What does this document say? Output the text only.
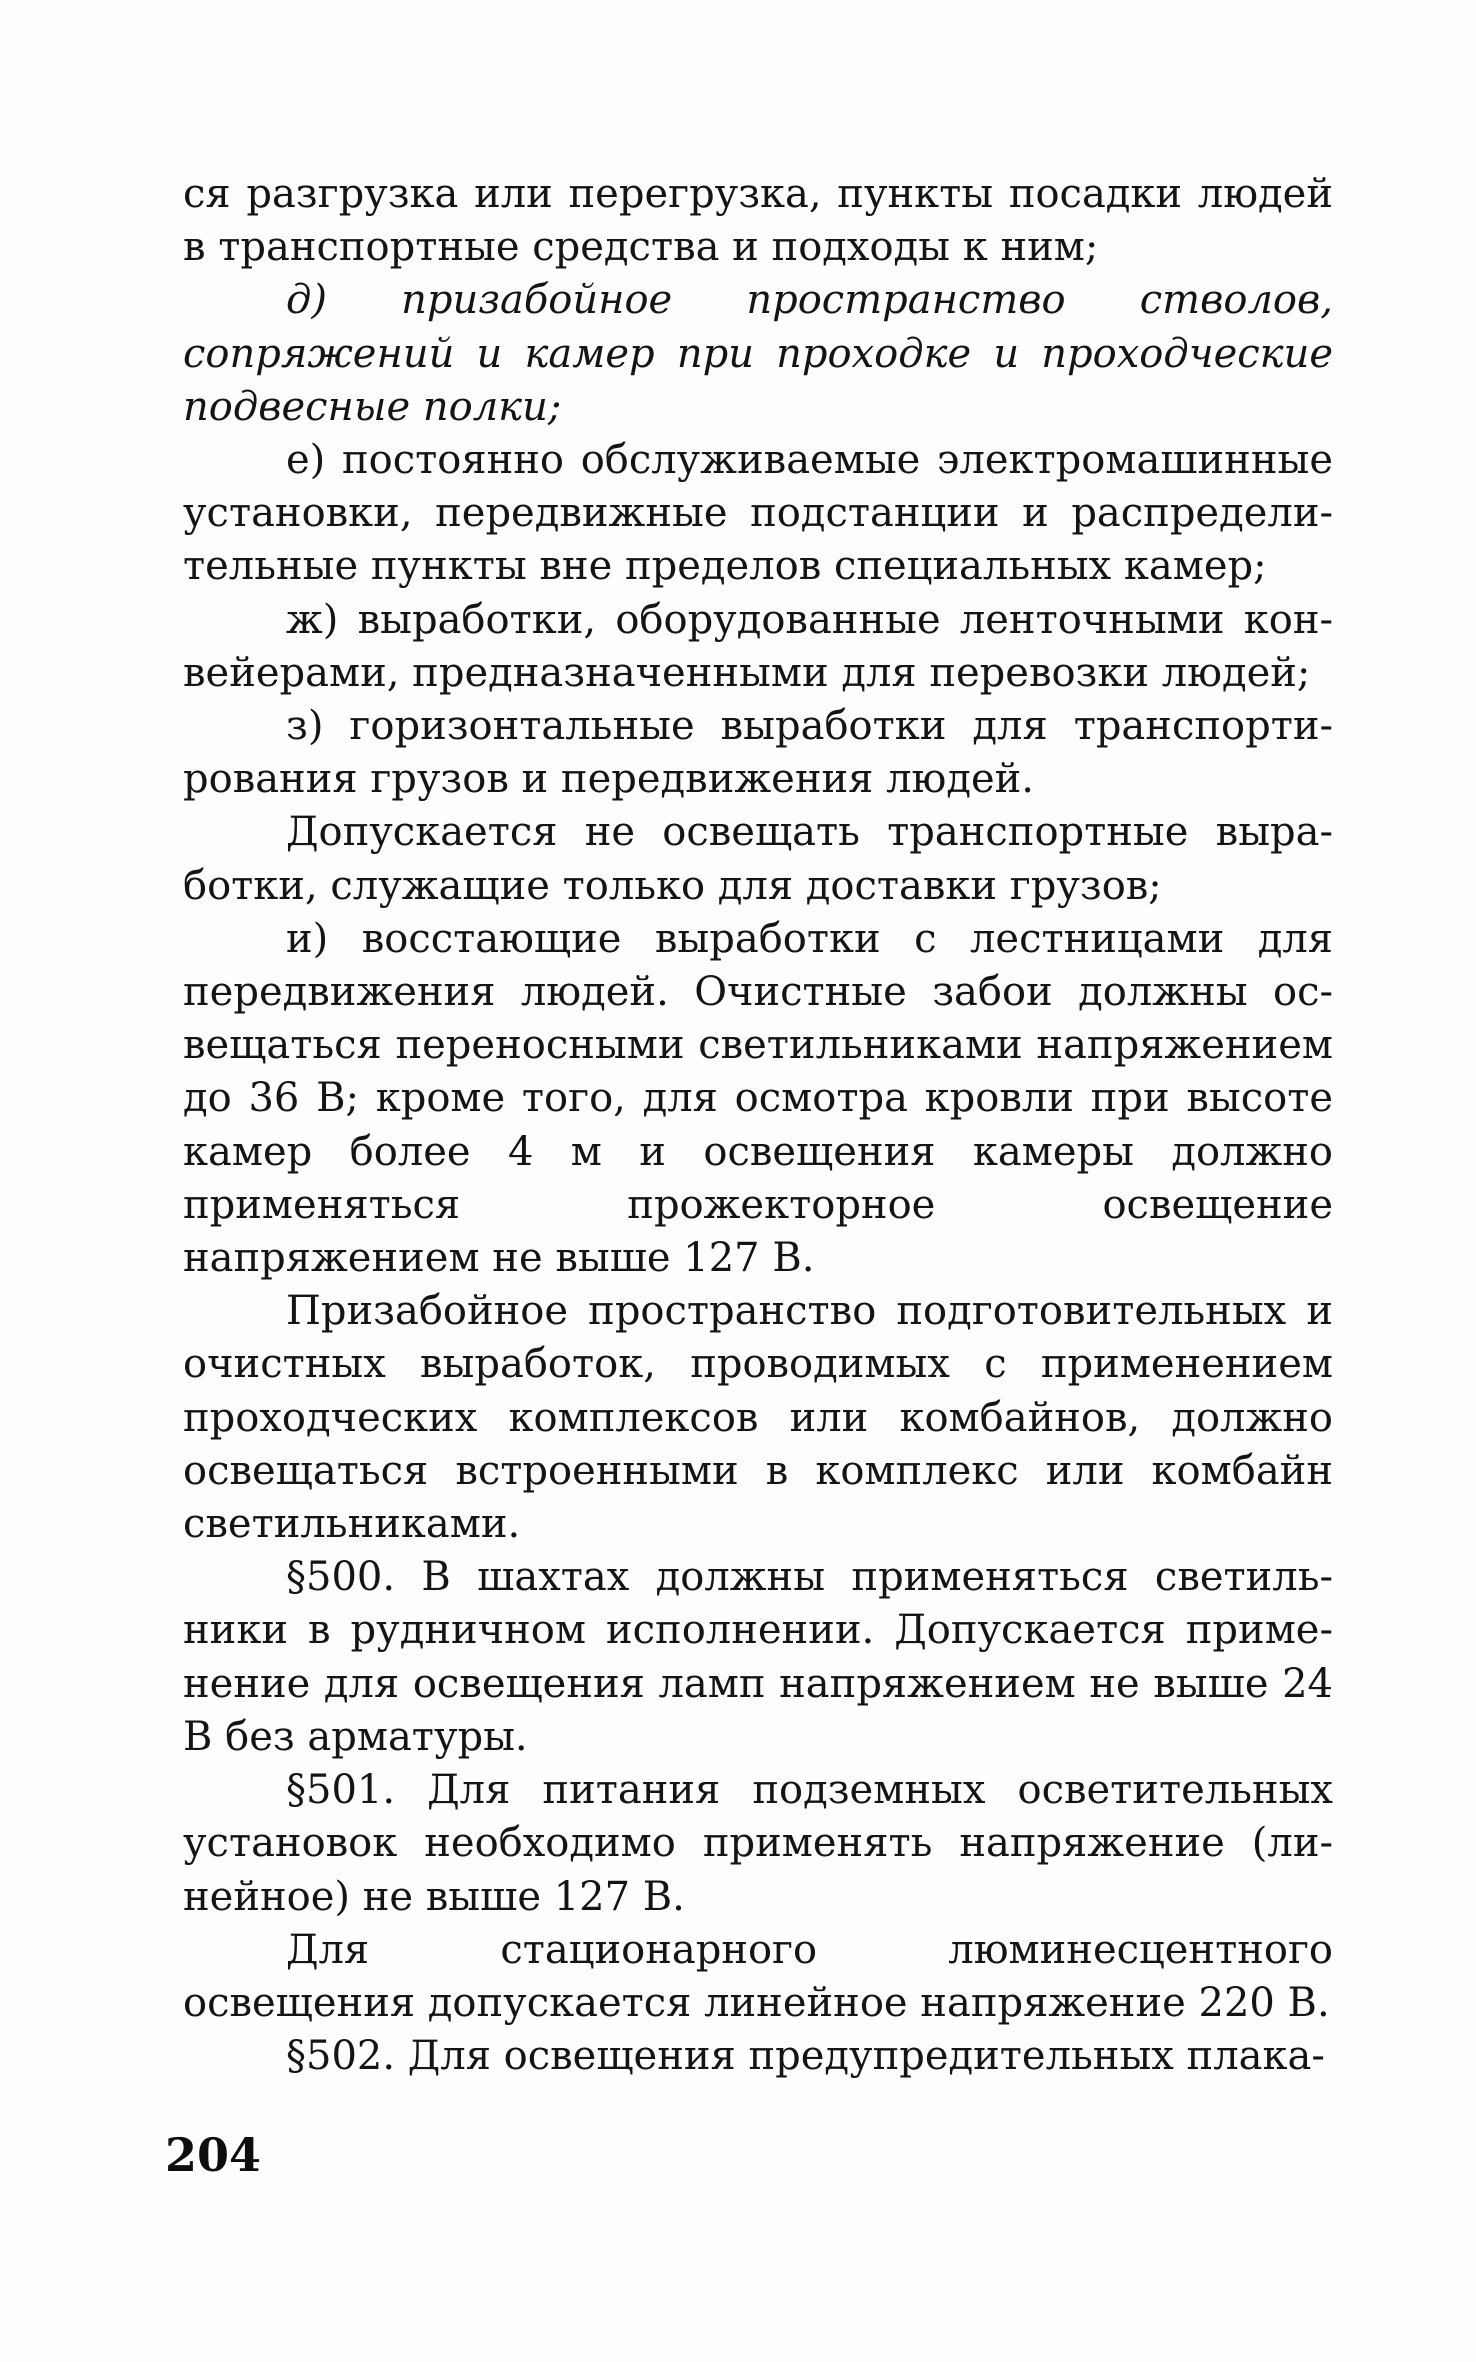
ся разгрузка или перегрузка, пункты посадки людей в транспортные средства и подходы к ним;

д) призабойное пространство стволов, сопряжений и камер при проходке и проходческие подвесные полки;

е) постоянно обслуживаемые электромашинные установки, передвижные подстанции и распределительные пункты вне пределов специальных камер;

ж) выработки, оборудованные ленточными конвейерами, предназначенными для перевозки людей;

з) горизонтальные выработки для транспортирования грузов и передвижения людей.

Допускается не освещать транспортные выработки, служащие только для доставки грузов;

и) восстающие выработки с лестницами для передвижения людей. Очистные забои должны освещаться переносными светильниками напряжением до 36 В; кроме того, для осмотра кровли при высоте камер более 4 м и освещения камеры должно применяться прожекторное освещение напряжением не выше 127 В.

Призабойное пространство подготовительных и очистных выработок, проводимых с применением проходческих комплексов или комбайнов, должно освещаться встроенными в комплекс или комбайн светильниками.

§500. В шахтах должны применяться светильники в рудничном исполнении. Допускается применение для освещения ламп напряжением не выше 24 В без арматуры.

§501. Для питания подземных осветительных установок необходимо применять напряжение (линейное) не выше 127 В.

Для стационарного люминесцентного освещения допускается линейное напряжение 220 В.

§502. Для освещения предупредительных плака-

204
